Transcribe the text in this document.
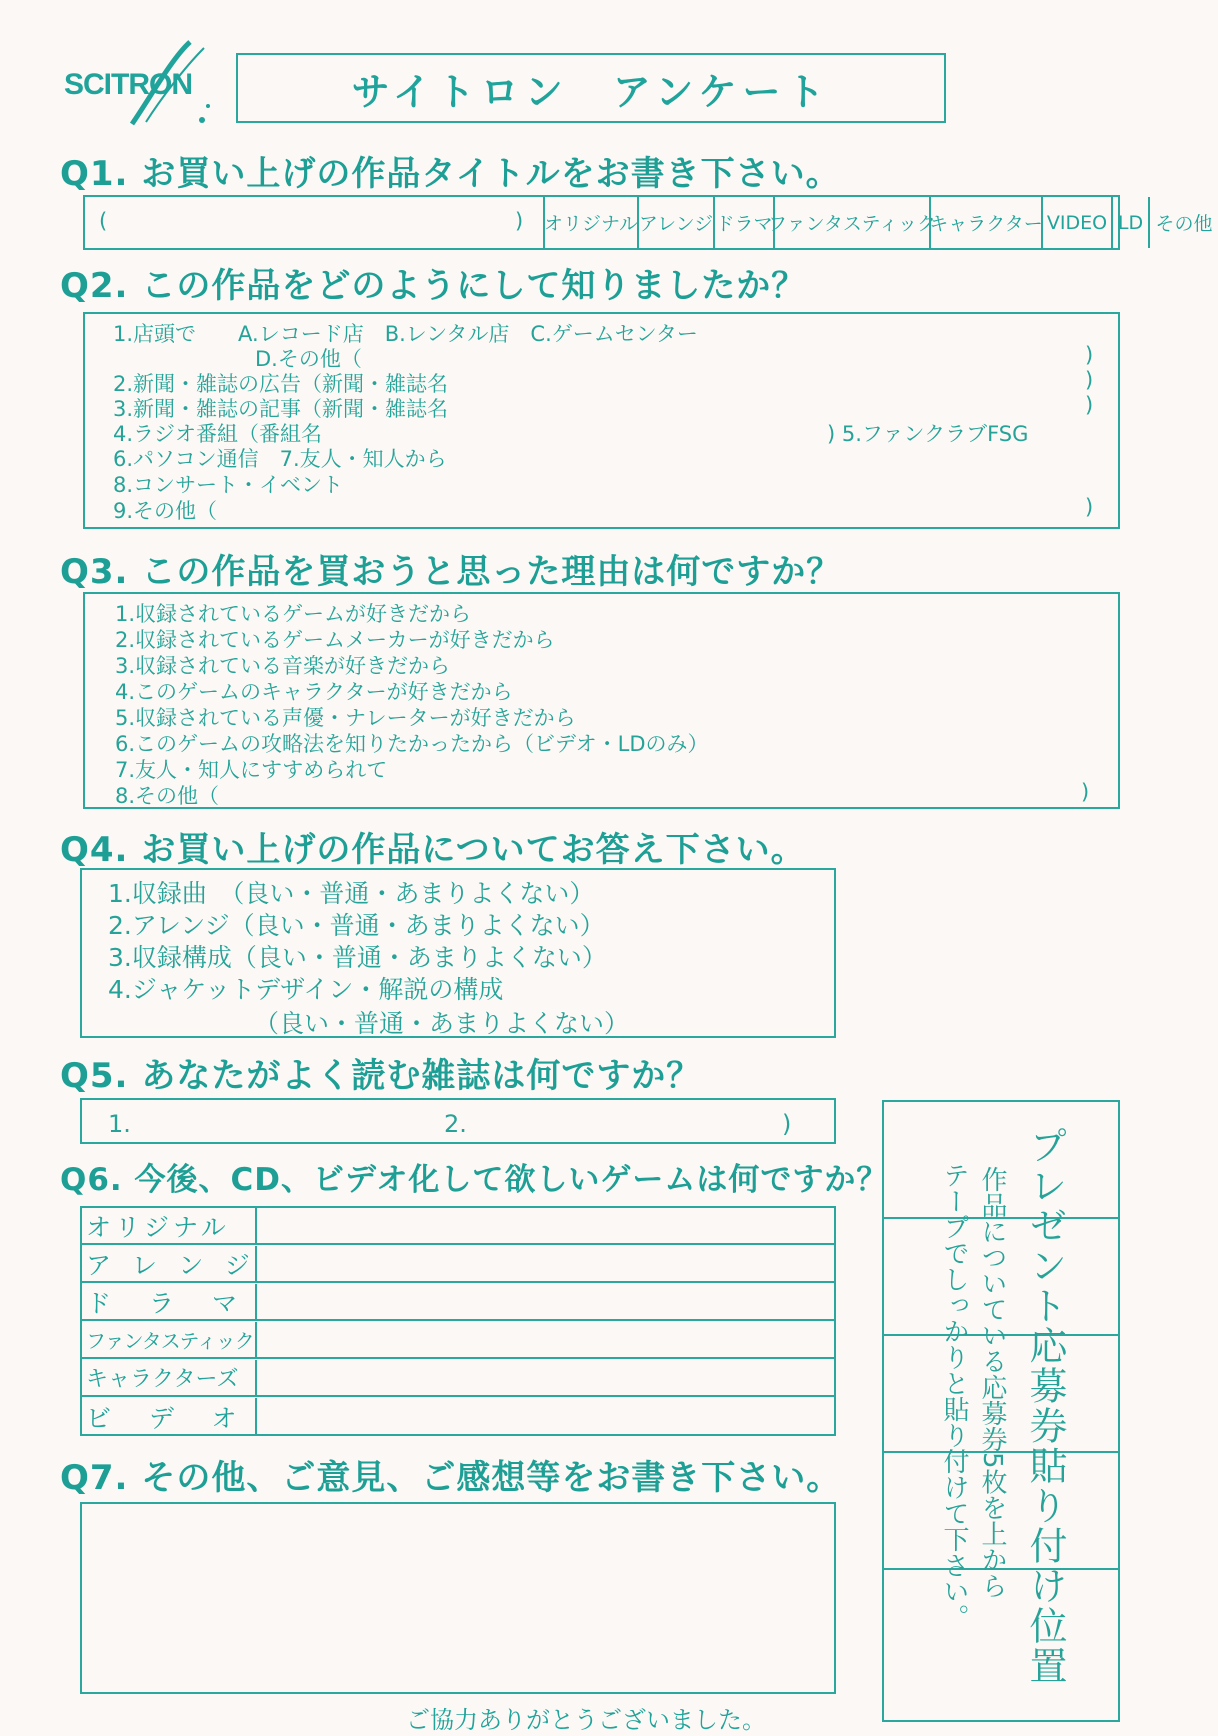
SCITRON	サイトロン　アンケート
Q1. お買い上げの作品タイトルをお書き下さい。
(	) オリジナル アレンジ ドラマ
ファンタスティック
キャラクター VIDEO LD その他
Q2. この作品をどのようにして知りましたか？
1.店頭で　　A.レコード店　B.レンタル店　C.ゲームセンター
D.その他（	)
2.新聞・雑誌の広告（新聞・雑誌名	)
3.新聞・雑誌の記事（新聞・雑誌名	)
4.ラジオ番組（番組名	) 5.ファンクラブFSG
6.パソコン通信　7.友人・知人から
8.コンサート・イベント
9.その他（	)
Q3. この作品を買おうと思った理由は何ですか？
1.収録されているゲームが好きだから
2.収録されているゲームメーカーが好きだから
3.収録されている音楽が好きだから
4.このゲームのキャラクターが好きだから
5.収録されている声優・ナレーターが好きだから
6.このゲームの攻略法を知りたかったから（ビデオ・LDのみ）
7.友人・知人にすすめられて
8.その他（	)
Q4. お買い上げの作品についてお答え下さい。
1.収録曲　（良い・普通・あまりよくない）
2.アレンジ（良い・普通・あまりよくない）
3.収録構成（良い・普通・あまりよくない）
4.ジャケットデザイン・解説の構成
（良い・普通・あまりよくない）
Q5. あなたがよく読む雑誌は何ですか？
1.	2.	)
Q6. 今後、CD、ビデオ化して欲しいゲームは何ですか？
オリジナル
アレンジ
ドラマ
ファンタスティック
キャラクターズ
ビデオ
Q7. その他、ご意見、ご感想等をお書き下さい。	プレゼント応募券貼り付け位置
作品についている応募券5枚を上から
テープでしっかりと貼り付けて下さい。
ご協力ありがとうございました。
